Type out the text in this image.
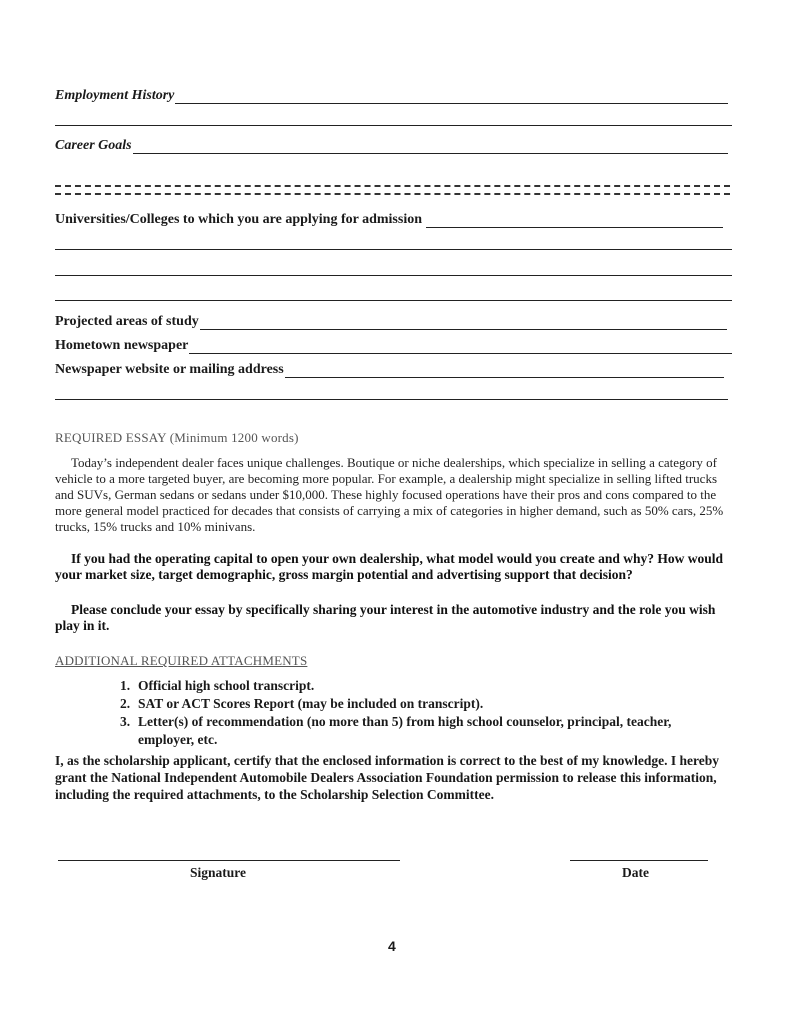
Employment History
Career Goals
Universities/Colleges to which you are applying for admission
Projected areas of study
Hometown newspaper
Newspaper website or mailing address
REQUIRED ESSAY (Minimum 1200 words)
Today’s independent dealer faces unique challenges. Boutique or niche dealerships, which specialize in selling a category of vehicle to a more targeted buyer, are becoming more popular. For example, a dealership might specialize in selling lifted trucks and SUVs, German sedans or sedans under $10,000. These highly focused operations have their pros and cons compared to the more general model practiced for decades that consists of carrying a mix of categories in higher demand, such as 50% cars, 25% trucks, 15% trucks and 10% minivans.
If you had the operating capital to open your own dealership, what model would you create and why? How would your market size, target demographic, gross margin potential and advertising support that decision?
Please conclude your essay by specifically sharing your interest in the automotive industry and the role you wish play in it.
ADDITIONAL REQUIRED ATTACHMENTS
1. Official high school transcript.
2. SAT or ACT Scores Report (may be included on transcript).
3. Letter(s) of recommendation (no more than 5) from high school counselor, principal, teacher, employer, etc.
I, as the scholarship applicant, certify that the enclosed information is correct to the best of my knowledge. I hereby grant the National Independent Automobile Dealers Association Foundation permission to release this information, including the required attachments, to the Scholarship Selection Committee.
Signature	Date
4
